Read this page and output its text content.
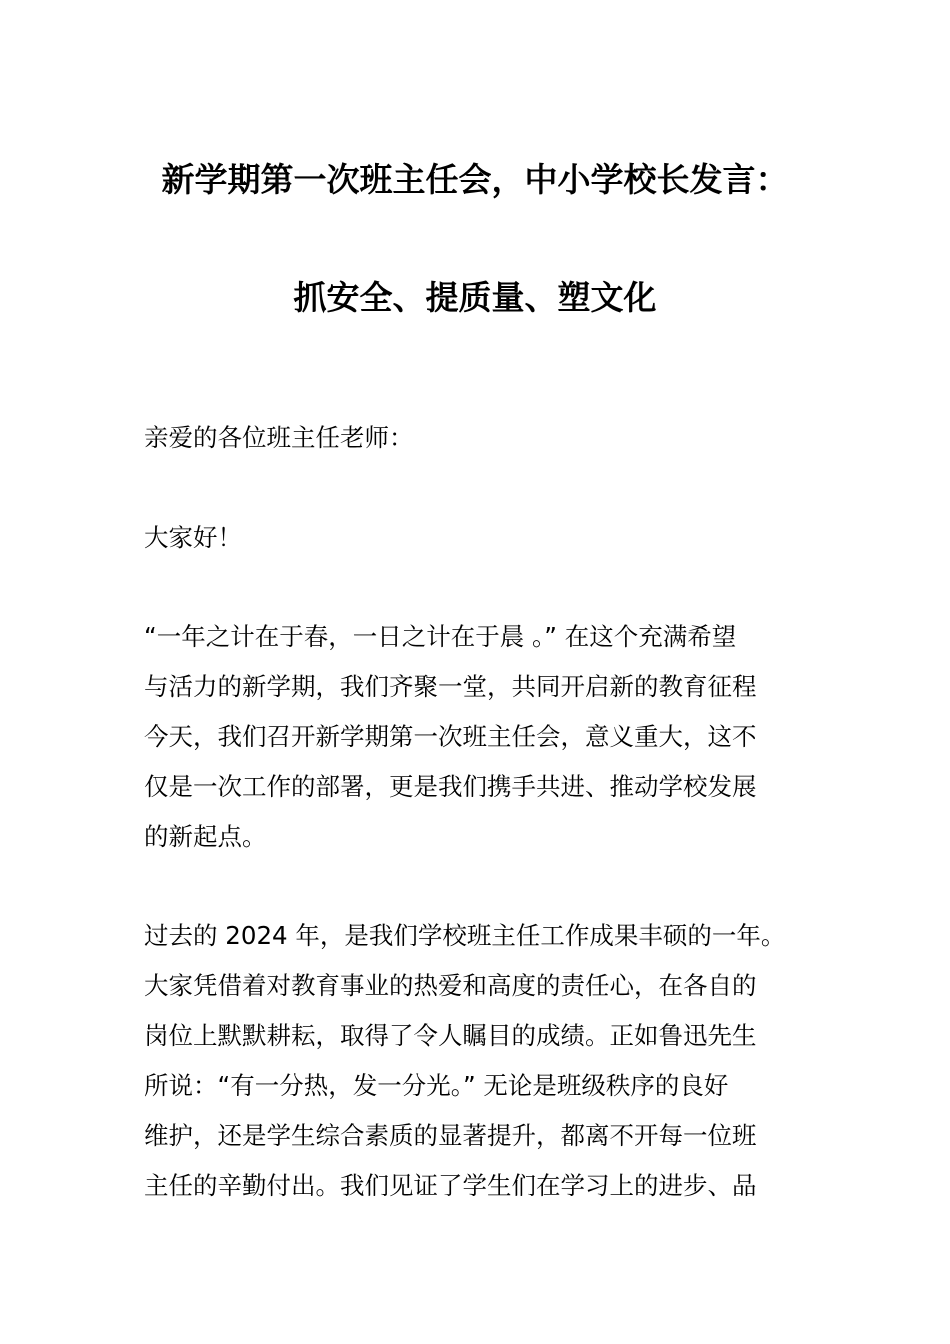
新学期第一次班主任会，中小学校长发言：
抓安全、提质量、塑文化
亲爱的各位班主任老师：
大家好！
“一年之计在于春，一日之计在于晨 。” 在这个充满希望
与活力的新学期，我们齐聚一堂，共同开启新的教育征程
今天，我们召开新学期第一次班主任会，意义重大，这不
仅是一次工作的部署，更是我们携手共进、推动学校发展
的新起点。
过去的 2024 年，是我们学校班主任工作成果丰硕的一年。
大家凭借着对教育事业的热爱和高度的责任心，在各自的
岗位上默默耕耘，取得了令人瞩目的成绩。正如鲁迅先生
所说：“有一分热，发一分光。” 无论是班级秩序的良好
维护，还是学生综合素质的显著提升，都离不开每一位班
主任的辛勤付出。我们见证了学生们在学习上的进步、品
